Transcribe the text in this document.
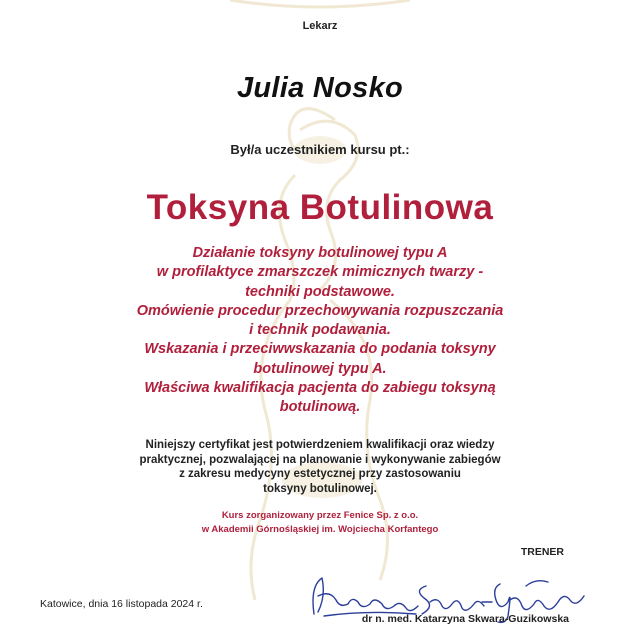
Lekarz
Julia Nosko
Był/a uczestnikiem kursu pt.:
Toksyna Botulinowa
Działanie toksyny botulinowej typu A
w profilaktyce zmarszczek mimicznych twarzy -
techniki podstawowe.
Omówienie procedur przechowywania rozpuszczania
i technik podawania.
Wskazania i przeciwwskazania do podania toksyny
botulinowej typu A.
Właściwa kwalifikacja pacjenta do zabiegu toksyną
botulinową.
Niniejszy certyfikat jest potwierdzeniem kwalifikacji oraz wiedzy
praktycznej, pozwalającej na planowanie i wykonywanie zabiegów
z zakresu medycyny estetycznej przy zastosowaniu
toksyny botulinowej.
Kurs zorganizowany przez Fenice Sp. z o.o.
w Akademii Górnośląskiej im. Wojciecha Korfantego
TRENER
Katowice, dnia 16 listopada 2024 r.
dr n. med. Katarzyna Skwara-Guzikowska
